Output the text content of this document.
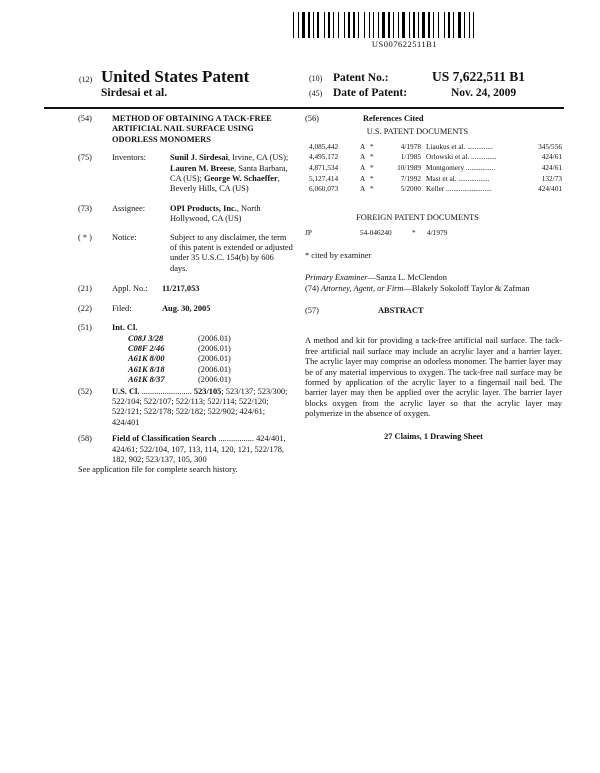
US007622511B1
(12) United States Patent
Sirdesai et al.
(10) Patent No.:	US 7,622,511 B1
(45) Date of Patent:	Nov. 24, 2009
(54)	METHOD OF OBTAINING A TACK-FREE ARTIFICIAL NAIL SURFACE USING ODORLESS MONOMERS
(75)	Inventors:	Sunil J. Sirdesai, Irvine, CA (US); Lauren M. Breese, Santa Barbara, CA (US); George W. Schaeffer, Beverly Hills, CA (US)
(73)	Assignee:	OPI Products, Inc., North Hollywood, CA (US)
( * )	Notice:	Subject to any disclaimer, the term of this patent is extended or adjusted under 35 U.S.C. 154(b) by 606 days.
(21)	Appl. No.:	11/217,053
(22)	Filed:	Aug. 30, 2005
(51)	Int. Cl.
C08J 3/28	(2006.01)
C08F 2/46	(2006.01)
A61K 8/00	(2006.01)
A61K 8/18	(2006.01)
A61K 8/37	(2006.01)
(52)	U.S. Cl. ........................ 523/105; 523/137; 523/300; 522/104; 522/107; 522/113; 522/114; 522/120; 522/121; 522/178; 522/182; 522/902; 424/61; 424/401
(58)	Field of Classification Search ................. 424/401, 424/61; 522/104, 107, 113, 114, 120, 121, 522/178, 182, 902; 523/137, 105, 300
See application file for complete search history.
(56)	References Cited
U.S. PATENT DOCUMENTS
4,085,442	A *	4/1978 Liaukus et al. ..............	345/556
4,495,172	A *	1/1985 Orlowski et al. ..............	424/61
4,871,534	A *	10/1989 Montgomery ................	424/61
5,127,414	A *	7/1992 Mast et al. .................	132/73
6,060,073	A *	5/2000 Keller .........................	424/401
FOREIGN PATENT DOCUMENTS
JP	54-046240	*	4/1979
* cited by examiner
Primary Examiner—Sanza L. McClendon
(74) Attorney, Agent, or Firm—Blakely Sokoloff Taylor & Zafman
(57)	ABSTRACT

A method and kit for providing a tack-free artificial nail surface. The tack-free artificial nail surface may include an acrylic layer and a barrier layer. The acrylic layer may comprise an odorless monomer. The barrier layer may be of any material impervious to oxygen. The tack-free nail surface may be formed by application of the acrylic layer to a fingernail nail bed. The barrier layer may then be applied over the acrylic layer. The barrier layer blocks oxygen from the acrylic layer so that the acrylic layer may polymerize in the absence of oxygen.

27 Claims, 1 Drawing Sheet
